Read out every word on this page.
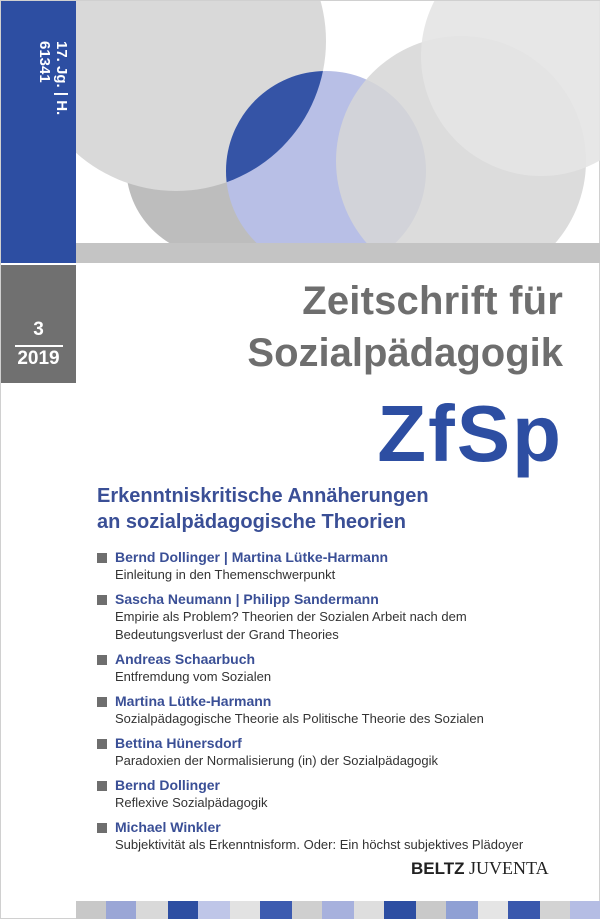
17. Jg. | H.
61341
3
2019
Zeitschrift für
Sozialpädagogik
ZfSp
Erkenntniskritische Annäherungen
an sozialpädagogische Theorien
Bernd Dollinger | Martina Lütke-Harmann
Einleitung in den Themenschwerpunkt
Sascha Neumann | Philipp Sandermann
Empirie als Problem? Theorien der Sozialen Arbeit nach dem Bedeutungsverlust der Grand Theories
Andreas Schaarbuch
Entfremdung vom Sozialen
Martina Lütke-Harmann
Sozialpädagogische Theorie als Politische Theorie des Sozialen
Bettina Hünersdorf
Paradoxien der Normalisierung (in) der Sozialpädagogik
Bernd Dollinger
Reflexive Sozialpädagogik
Michael Winkler
Subjektivität als Erkenntnisform. Oder: Ein höchst subjektives Plädoyer
BELTZ JUVENTA
